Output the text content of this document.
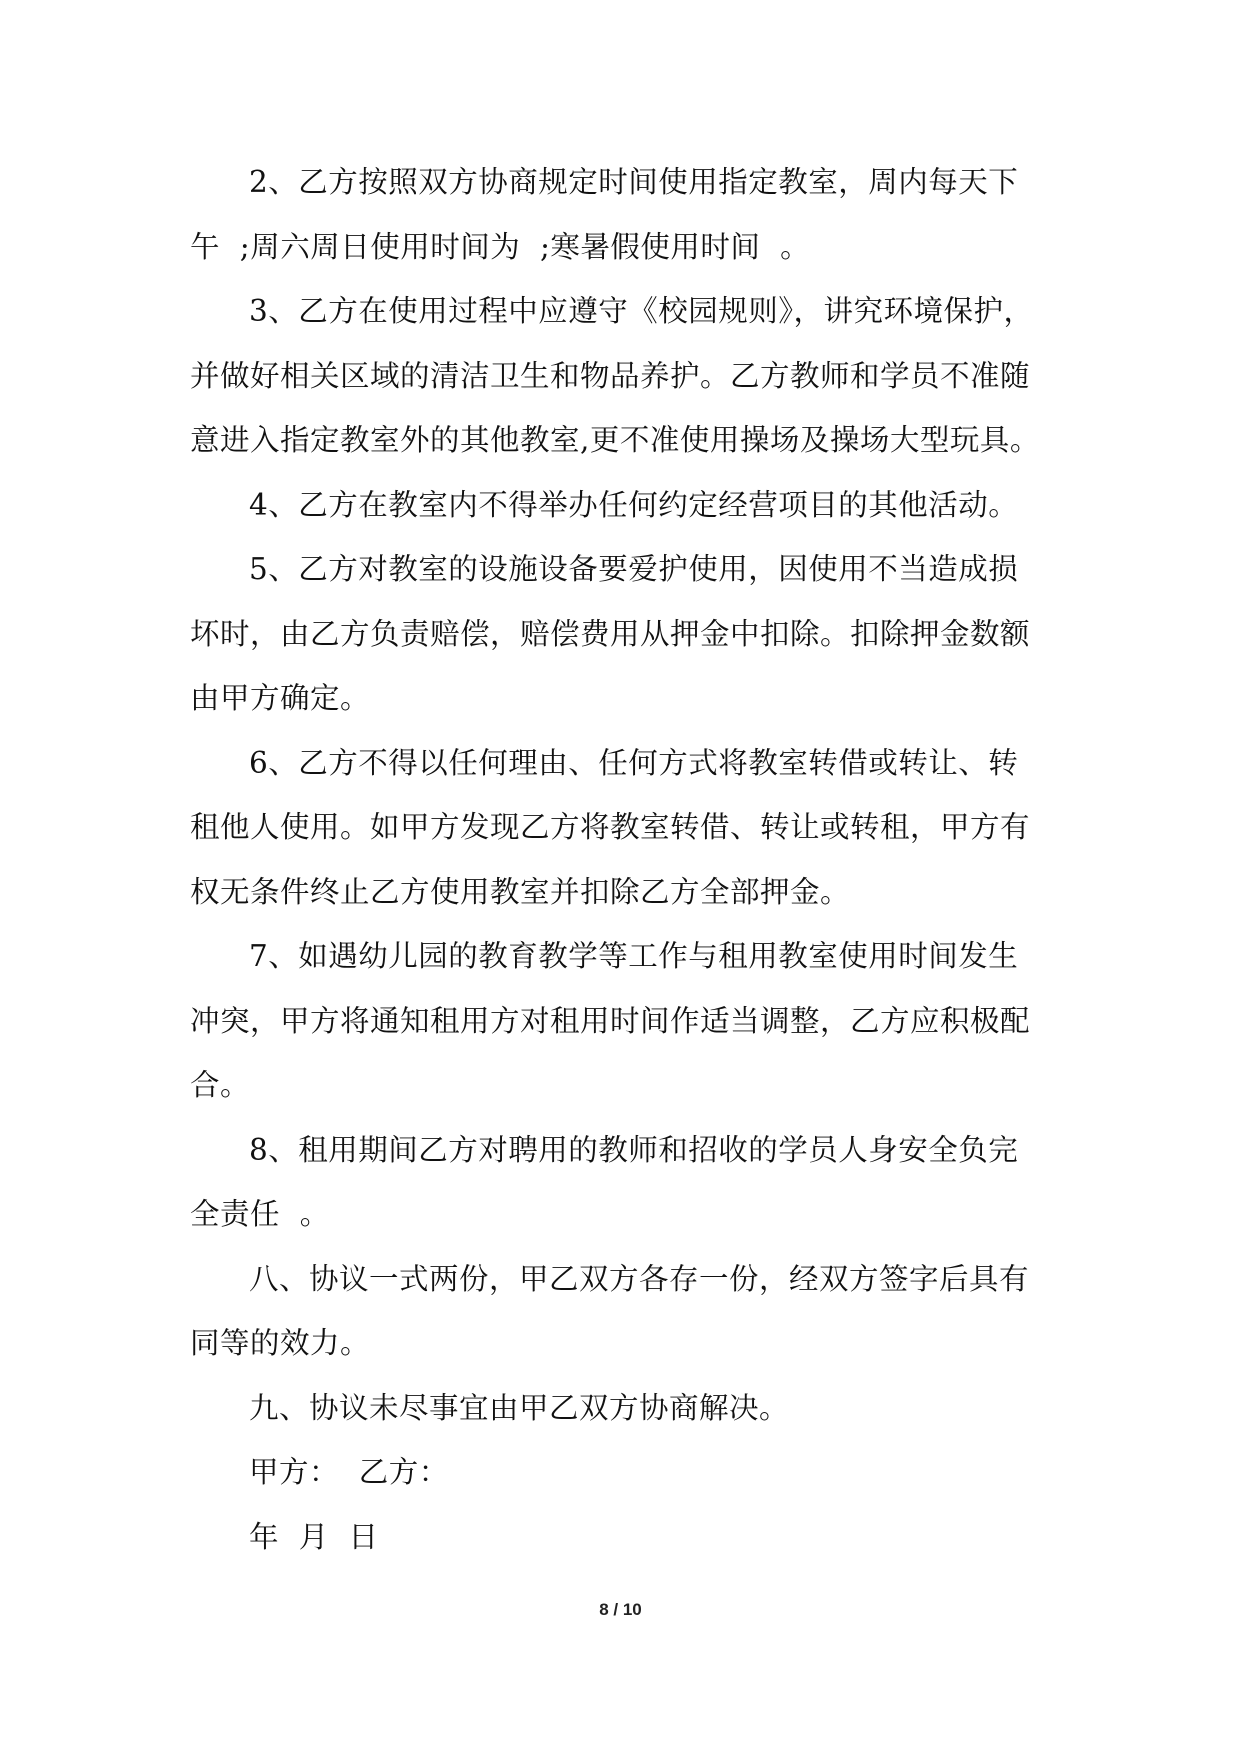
2、乙方按照双方协商规定时间使用指定教室，周内每天下
午  ;周六周日使用时间为  ;寒暑假使用时间  。

3、乙方在使用过程中应遵守《校园规则》，讲究环境保护，
并做好相关区域的清洁卫生和物品养护。乙方教师和学员不准随
意进入指定教室外的其他教室,更不准使用操场及操场大型玩具。

4、乙方在教室内不得举办任何约定经营项目的其他活动。

5、乙方对教室的设施设备要爱护使用，因使用不当造成损
坏时，由乙方负责赔偿，赔偿费用从押金中扣除。扣除押金数额
由甲方确定。

6、乙方不得以任何理由、任何方式将教室转借或转让、转
租他人使用。如甲方发现乙方将教室转借、转让或转租，甲方有
权无条件终止乙方使用教室并扣除乙方全部押金。

7、如遇幼儿园的教育教学等工作与租用教室使用时间发生
冲突，甲方将通知租用方对租用时间作适当调整，乙方应积极配
合。

8、租用期间乙方对聘用的教师和招收的学员人身安全负完
全责任  。

八、协议一式两份，甲乙双方各存一份，经双方签字后具有
同等的效力。

九、协议未尽事宜由甲乙双方协商解决。

甲方：  乙方：

年  月  日

8 / 10
